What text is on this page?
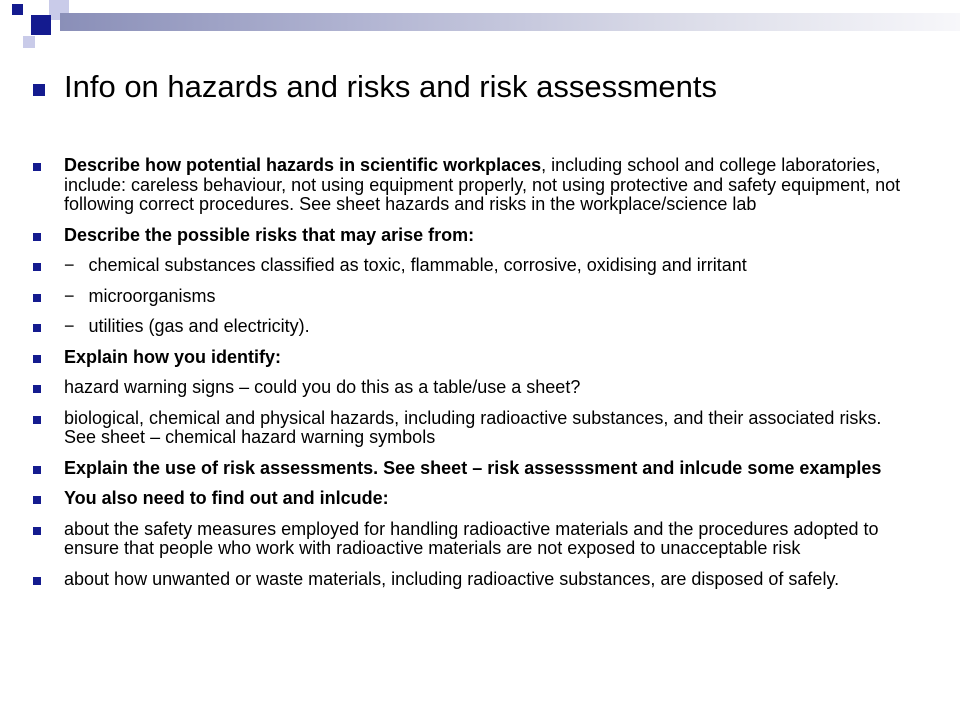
Info on hazards and risks and risk assessments
Describe how potential hazards in scientific workplaces, including school and college laboratories, include: careless behaviour, not using equipment properly, not using protective and safety equipment, not following correct procedures. See sheet hazards and risks in the workplace/science lab
Describe the possible risks that may arise from:
− chemical substances classified as toxic, flammable, corrosive, oxidising and irritant
− microorganisms
− utilities (gas and electricity).
Explain how you identify:
hazard warning signs – could you do this as a table/use a sheet?
biological, chemical and physical hazards, including radioactive substances, and their associated risks. See sheet – chemical hazard warning symbols
Explain the use of risk assessments. See sheet – risk assesssment and inlcude some examples
You also need to find out and inlcude:
about the safety measures employed for handling radioactive materials and the procedures adopted to ensure that people who work with radioactive materials are not exposed to unacceptable risk
about how unwanted or waste materials, including radioactive substances, are disposed of safely.
